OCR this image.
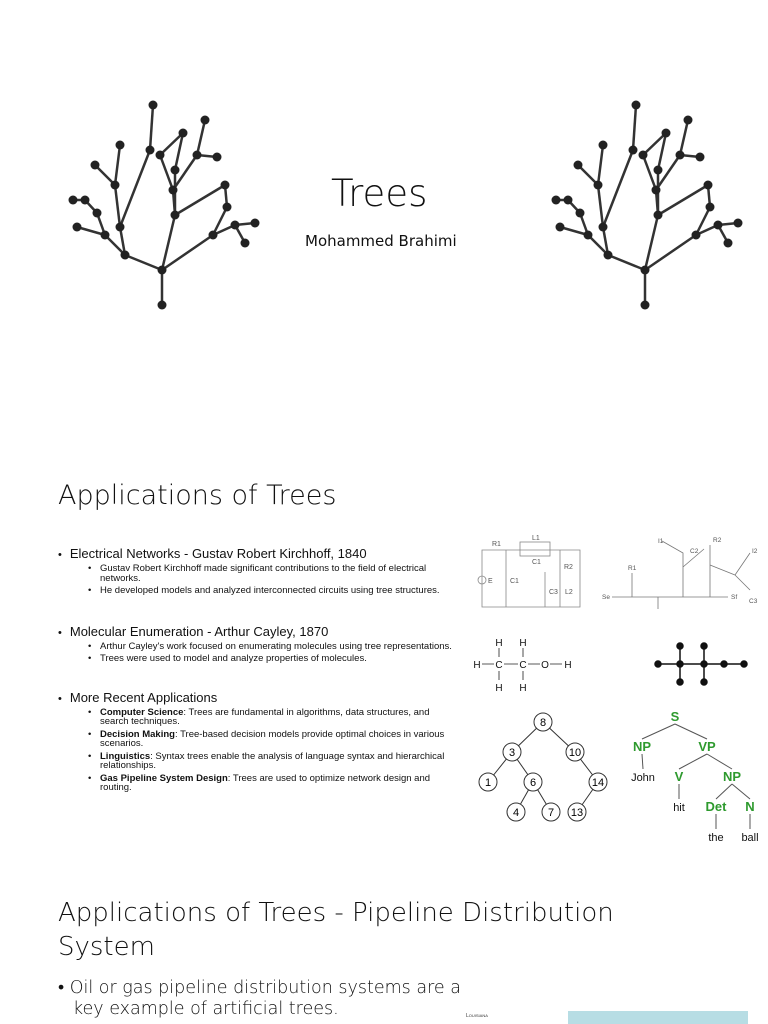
Trees
Mohammed Brahimi
Applications of Trees
• Electrical Networks - Gustav Robert Kirchhoff, 1840
• Gustav Robert Kirchhoff made significant contributions to the field of electrical networks.
• He developed models and analyzed interconnected circuits using tree structures.
• Molecular Enumeration - Arthur Cayley, 1870
• Arthur Cayley's work focused on enumerating molecules using tree representations.
• Trees were used to model and analyze properties of molecules.
• More Recent Applications
• Computer Science: Trees are fundamental in algorithms, data structures, and search techniques.
• Decision Making: Tree-based decision models provide optimal choices in various scenarios.
• Linguistics: Syntax trees enable the analysis of language syntax and hierarchical relationships.
• Gas Pipeline System Design: Trees are used to optimize network design and routing.
R1
L1
C1
E C1
R2
C3 L2
Se
R1
I1
C2
R2
I2
C3
Sf
H H
H C C O H
H H
8
3	10
1	6	14
4	7 13
S
NP	VP
John V	NP
hit Det N
the ball
Applications of Trees - Pipeline Distribution System
• Oil or gas pipeline distribution systems are a key example of artificial trees.	Louisiana
